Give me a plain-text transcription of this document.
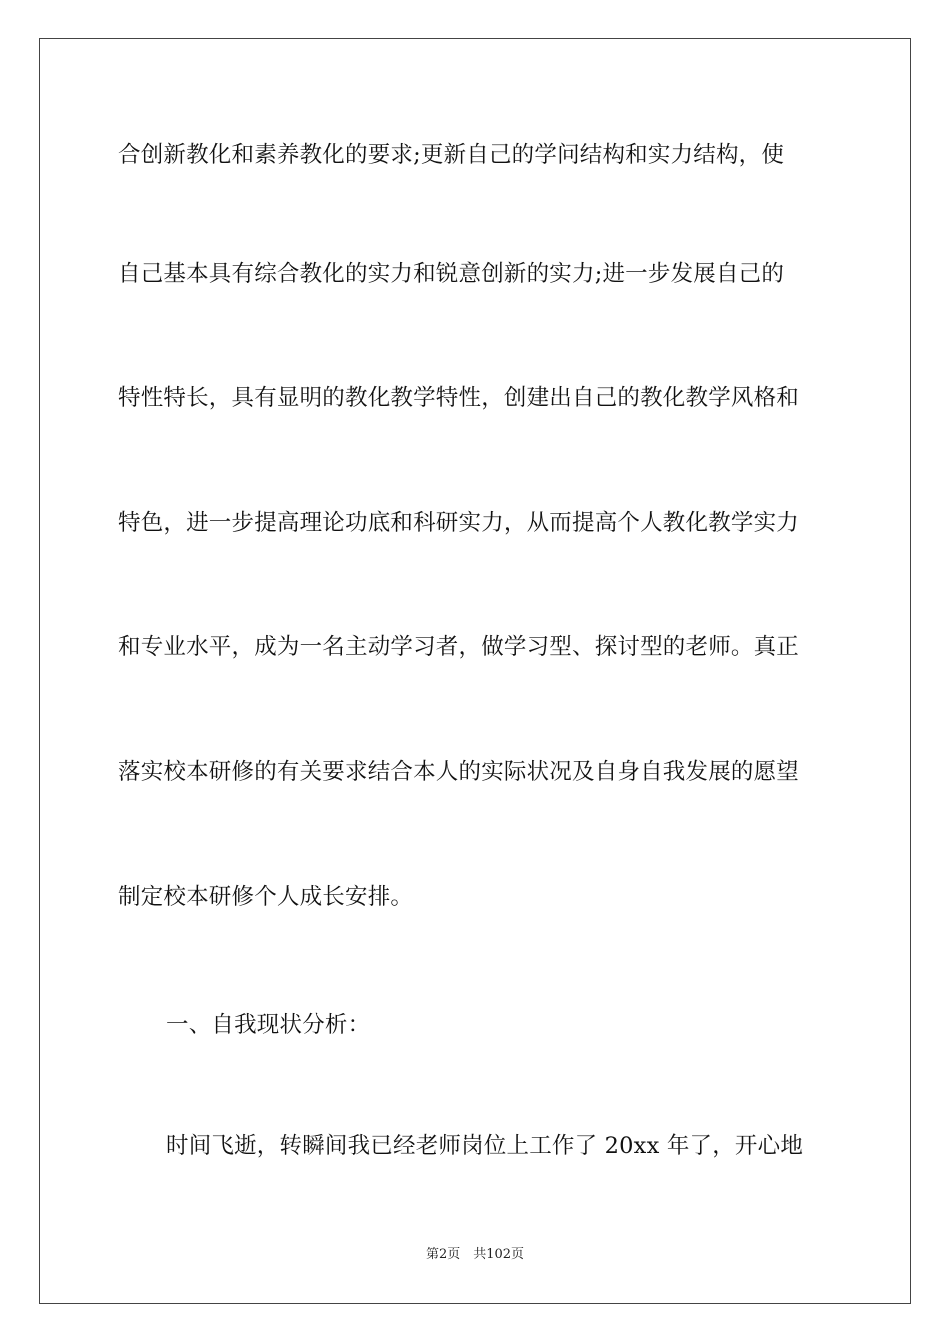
合创新教化和素养教化的要求;更新自己的学问结构和实力结构，使
自己基本具有综合教化的实力和锐意创新的实力;进一步发展自己的
特性特长，具有显明的教化教学特性，创建出自己的教化教学风格和
特色，进一步提高理论功底和科研实力，从而提高个人教化教学实力
和专业水平，成为一名主动学习者，做学习型、探讨型的老师。真正
落实校本研修的有关要求结合本人的实际状况及自身自我发展的愿望
制定校本研修个人成长安排。
一、自我现状分析：
时间飞逝，转瞬间我已经老师岗位上工作了 20xx 年了，开心地
第2页　共102页
